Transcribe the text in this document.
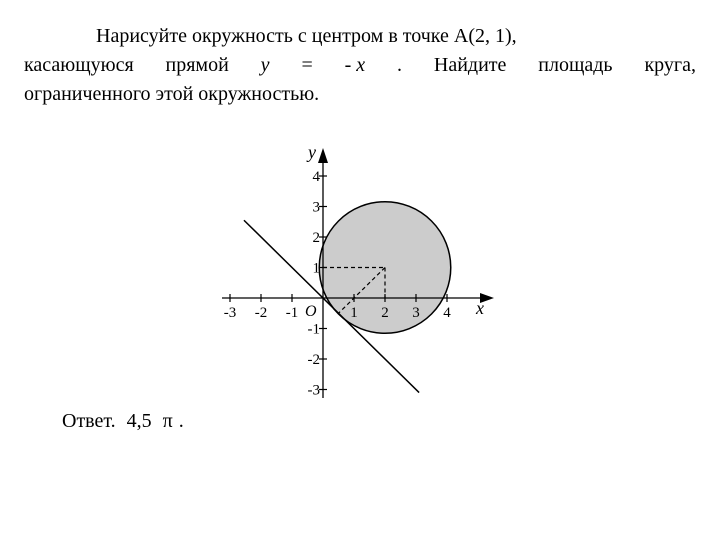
Нарисуйте окружность с центром в точке A(2, 1),
касающуюся прямой y = - x . Найдите площадь круга,
ограниченного этой окружностью.
-3 -2 -1	1 2 3 4
4
3
2
1
-1
-2
-3
x
y
O
Ответ. 4,5 π .
